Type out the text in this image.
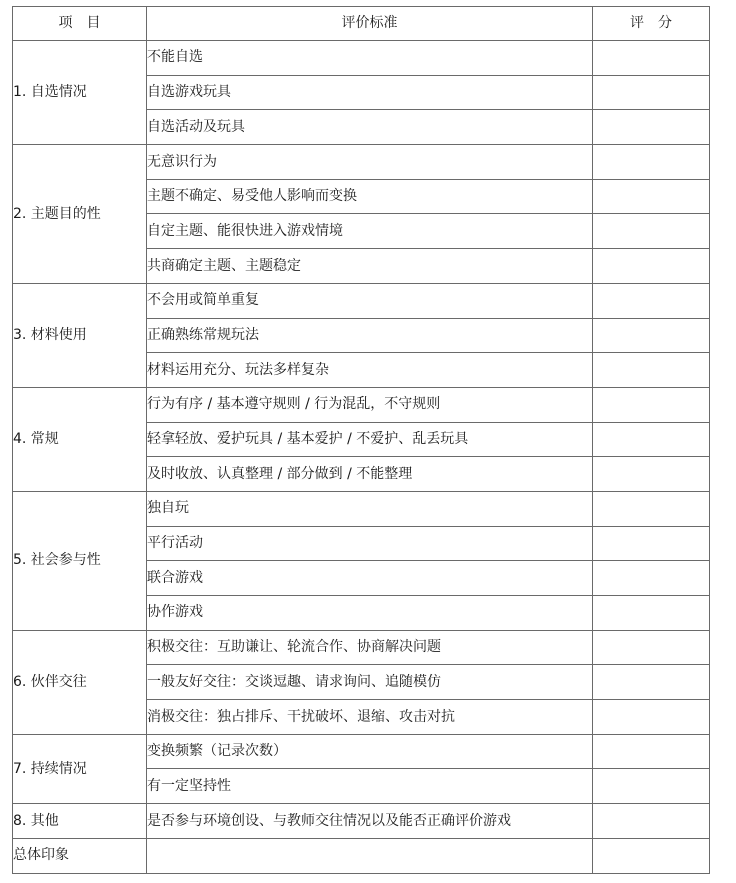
项　目	评价标准	评　分
1. 自选情况	不能自选	
	自选游戏玩具	
	自选活动及玩具	
2. 主题目的性	无意识行为	
	主题不确定、易受他人影响而变换	
	自定主题、能很快进入游戏情境	
	共商确定主题、主题稳定	
3. 材料使用	不会用或简单重复	
	正确熟练常规玩法	
	材料运用充分、玩法多样复杂	
4. 常规	行为有序 / 基本遵守规则 / 行为混乱，不守规则	
	轻拿轻放、爱护玩具 / 基本爱护 / 不爱护、乱丢玩具	
	及时收放、认真整理 / 部分做到 / 不能整理	
5. 社会参与性	独自玩	
	平行活动	
	联合游戏	
	协作游戏	
6. 伙伴交往	积极交往：互助谦让、轮流合作、协商解决问题	
	一般友好交往：交谈逗趣、请求询问、追随模仿	
	消极交往：独占排斥、干扰破坏、退缩、攻击对抗	
7. 持续情况	变换频繁（记录次数）	
	有一定坚持性	
8. 其他	是否参与环境创设、与教师交往情况以及能否正确评价游戏	
总体印象		
